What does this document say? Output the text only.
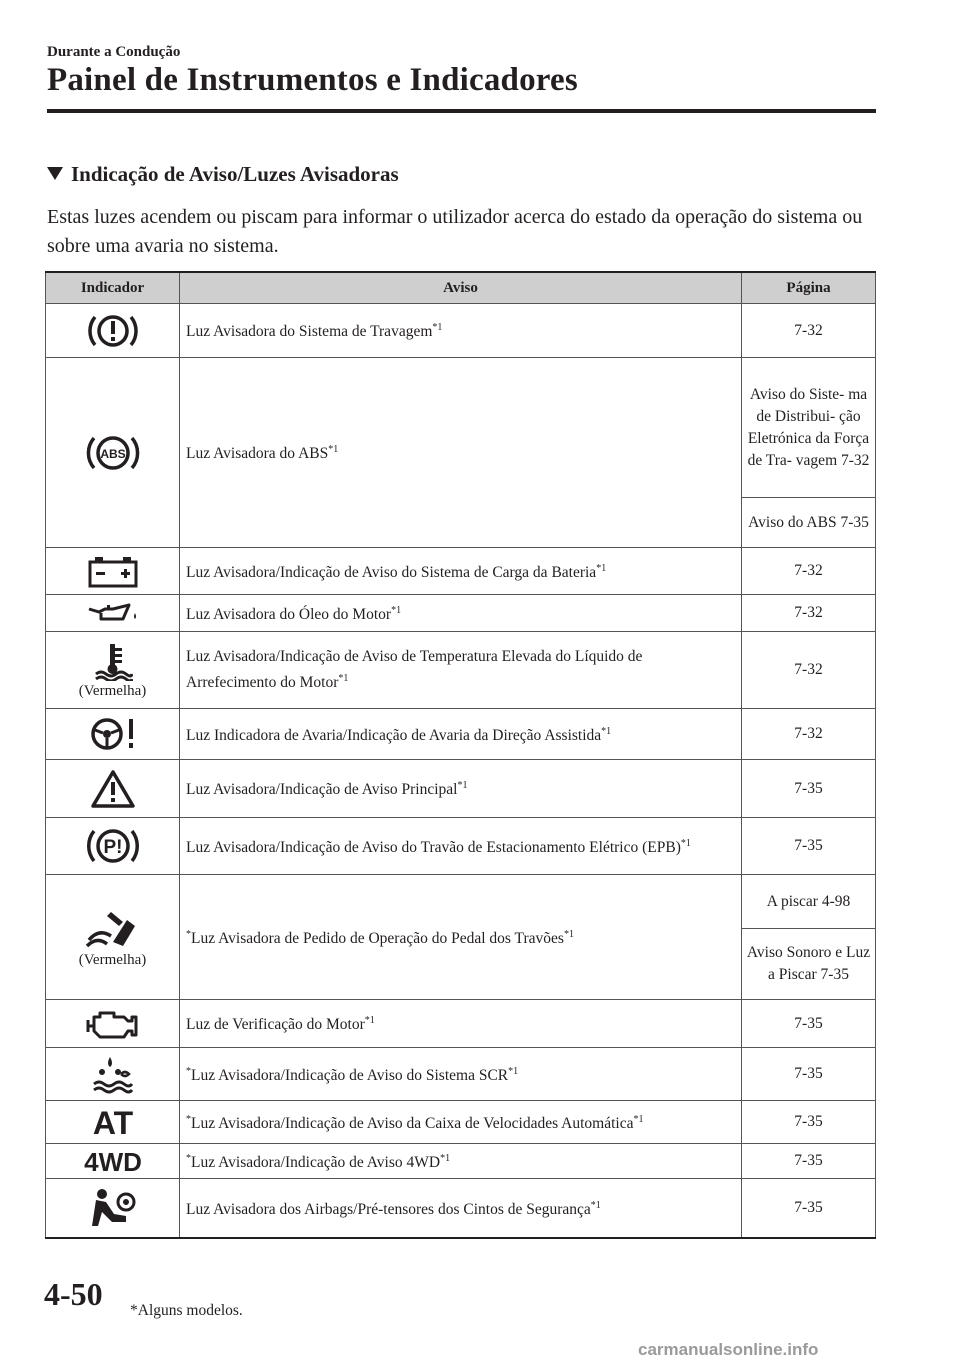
Durante a Condução
Painel de Instrumentos e Indicadores
Indicação de Aviso/Luzes Avisadoras
Estas luzes acendem ou piscam para informar o utilizador acerca do estado da operação do sistema ou sobre uma avaria no sistema.
Indicador	Aviso	Página

	Luz Avisadora do Sistema de Travagem$^{*1}$	7-32

ABS	Luz Avisadora do ABS$^{*1}$	Aviso do Siste- ma de Distribui- ção Eletrónica da Força de Tra- vagem 7-32
		Aviso do ABS 7-35

	Luz Avisadora/Indicação de Aviso do Sistema de Carga da Bateria$^{*1}$	7-32

	Luz Avisadora do Óleo do Motor$^{*1}$	7-32

(Vermelha)	Luz Avisadora/Indicação de Aviso de Temperatura Elevada do Líquido de Arrefecimento do Motor$^{*1}$	7-32

	Luz Indicadora de Avaria/Indicação de Avaria da Direção Assistida$^{*1}$	7-32

	Luz Avisadora/Indicação de Aviso Principal$^{*1}$	7-35

P!	Luz Avisadora/Indicação de Aviso do Travão de Estacionamento Elétrico (EPB)$^{*1}$	7-35

(Vermelha)	*Luz Avisadora de Pedido de Operação do Pedal dos Travões$^{*1}$	A piscar 4-98
		Aviso Sonoro e Luz a Piscar 7-35

	Luz de Verificação do Motor$^{*1}$	7-35

	*Luz Avisadora/Indicação de Aviso do Sistema SCR$^{*1}$	7-35

AT	*Luz Avisadora/Indicação de Aviso da Caixa de Velocidades Automática$^{*1}$	7-35

4WD	*Luz Avisadora/Indicação de Aviso 4WD$^{*1}$	7-35

	Luz Avisadora dos Airbags/Pré-tensores dos Cintos de Segurança$^{*1}$	7-35
4-50 *Alguns modelos.
carmanualsonline.info
